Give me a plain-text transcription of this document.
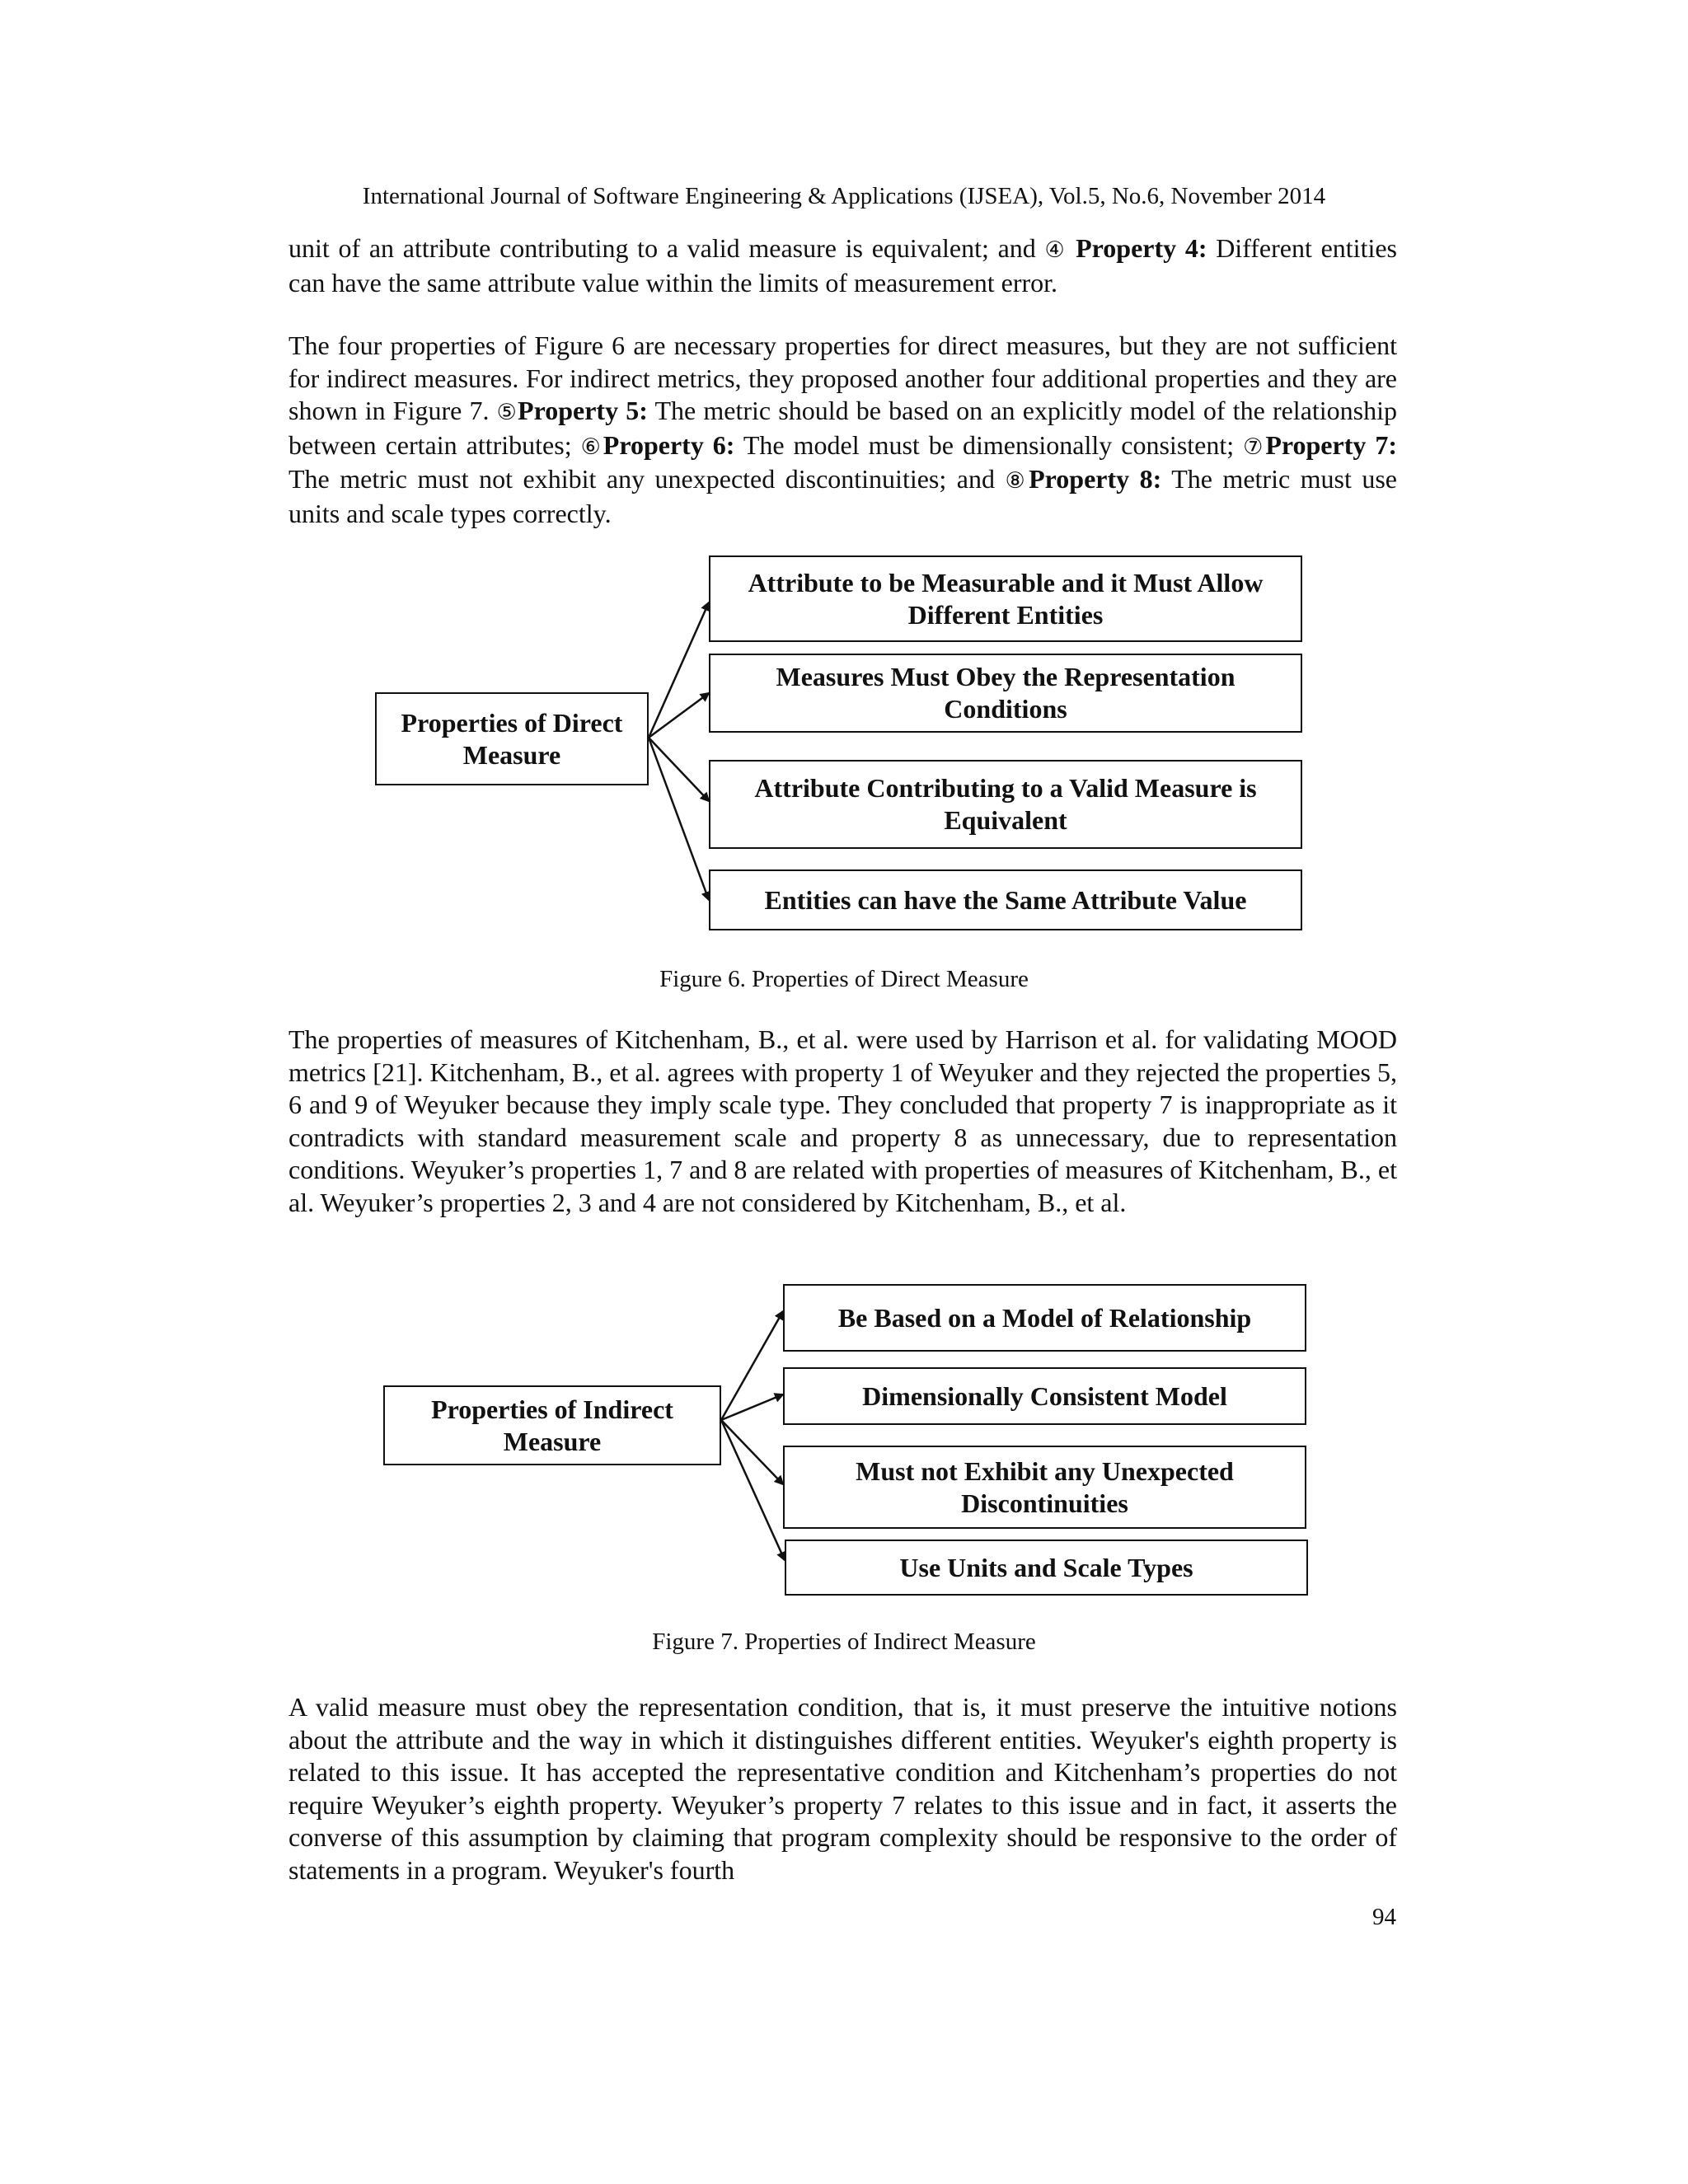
International Journal of Software Engineering & Applications (IJSEA), Vol.5, No.6, November 2014

unit of an attribute contributing to a valid measure is equivalent; and ④ Property 4: Different entities can have the same attribute value within the limits of measurement error.

The four properties of Figure 6 are necessary properties for direct measures, but they are not sufficient for indirect measures. For indirect metrics, they proposed another four additional properties and they are shown in Figure 7. ⑤Property 5: The metric should be based on an explicitly model of the relationship between certain attributes; ⑥Property 6: The model must be dimensionally consistent; ⑦Property 7: The metric must not exhibit any unexpected discontinuities; and ⑧Property 8: The metric must use units and scale types correctly.

Properties of Direct Measure
Attribute to be Measurable and it Must Allow Different Entities
Measures Must Obey the Representation Conditions
Attribute Contributing to a Valid Measure is Equivalent
Entities can have the Same Attribute Value
Figure 6. Properties of Direct Measure

The properties of measures of Kitchenham, B., et al. were used by Harrison et al. for validating MOOD metrics [21]. Kitchenham, B., et al. agrees with property 1 of Weyuker and they rejected the properties 5, 6 and 9 of Weyuker because they imply scale type. They concluded that property 7 is inappropriate as it contradicts with standard measurement scale and property 8 as unnecessary, due to representation conditions. Weyuker’s properties 1, 7 and 8 are related with properties of measures of Kitchenham, B., et al. Weyuker’s properties 2, 3 and 4 are not considered by Kitchenham, B., et al.

Properties of Indirect Measure
Be Based on a Model of Relationship
Dimensionally Consistent Model
Must not Exhibit any Unexpected Discontinuities
Use Units and Scale Types
Figure 7. Properties of Indirect Measure

A valid measure must obey the representation condition, that is, it must preserve the intuitive notions about the attribute and the way in which it distinguishes different entities. Weyuker's eighth property is related to this issue. It has accepted the representative condition and Kitchenham’s properties do not require Weyuker’s eighth property. Weyuker’s property 7 relates to this issue and in fact, it asserts the converse of this assumption by claiming that program complexity should be responsive to the order of statements in a program. Weyuker's fourth

94
